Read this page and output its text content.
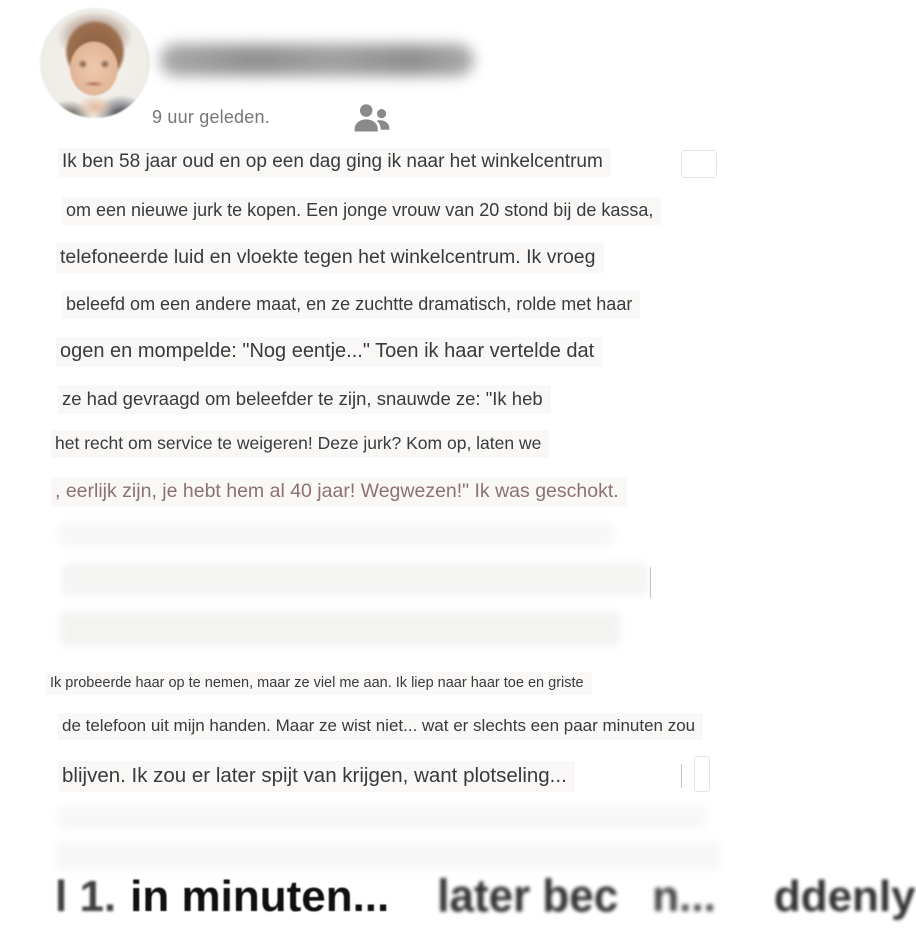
9 uur geleden.
Ik ben 58 jaar oud en op een dag ging ik naar het winkelcentrum
om een nieuwe jurk te kopen. Een jonge vrouw van 20 stond bij de kassa,
telefoneerde luid en vloekte tegen het winkelcentrum. Ik vroeg
beleefd om een andere maat, en ze zuchtte dramatisch, rolde met haar
ogen en mompelde: "Nog eentje..." Toen ik haar vertelde dat
ze had gevraagd om beleefder te zijn, snauwde ze: "Ik heb
het recht om service te weigeren! Deze jurk? Kom op, laten we
, eerlijk zijn, je hebt hem al 40 jaar! Wegwezen!" Ik was geschokt.
Ik probeerde haar op te nemen, maar ze viel me aan. Ik liep naar haar toe en griste
de telefoon uit mijn handen. Maar ze wist niet... wat er slechts een paar minuten zou
blijven. Ik zou er later spijt van krijgen, want plotseling...
l 1. in minuten... later bec n... ddenly
